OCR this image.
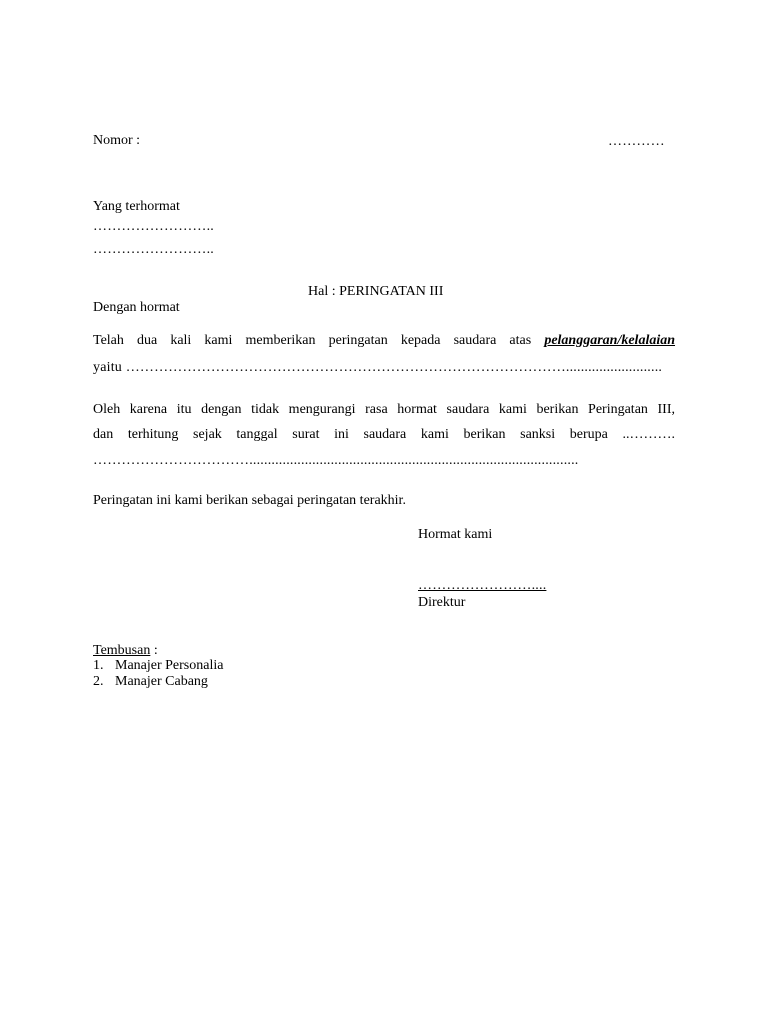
Nomor :	…………
Yang terhormat
……………………..
……………………..
Hal : PERINGATAN III
Dengan hormat
Telah dua kali kami memberikan peringatan kepada saudara atas pelanggaran/kelalaian
yaitu …………………………………………………………………………………..........................
Oleh karena itu dengan tidak mengurangi rasa hormat saudara kami berikan Peringatan III,
dan terhitung sejak tanggal surat ini saudara kami berikan sanksi berupa ..……….
…………………………….........................................................................................
Peringatan ini kami berikan sebagai peringatan terakhir.
Hormat kami
……………………....
Direktur
Tembusan :
1. Manajer Personalia
2. Manajer Cabang
